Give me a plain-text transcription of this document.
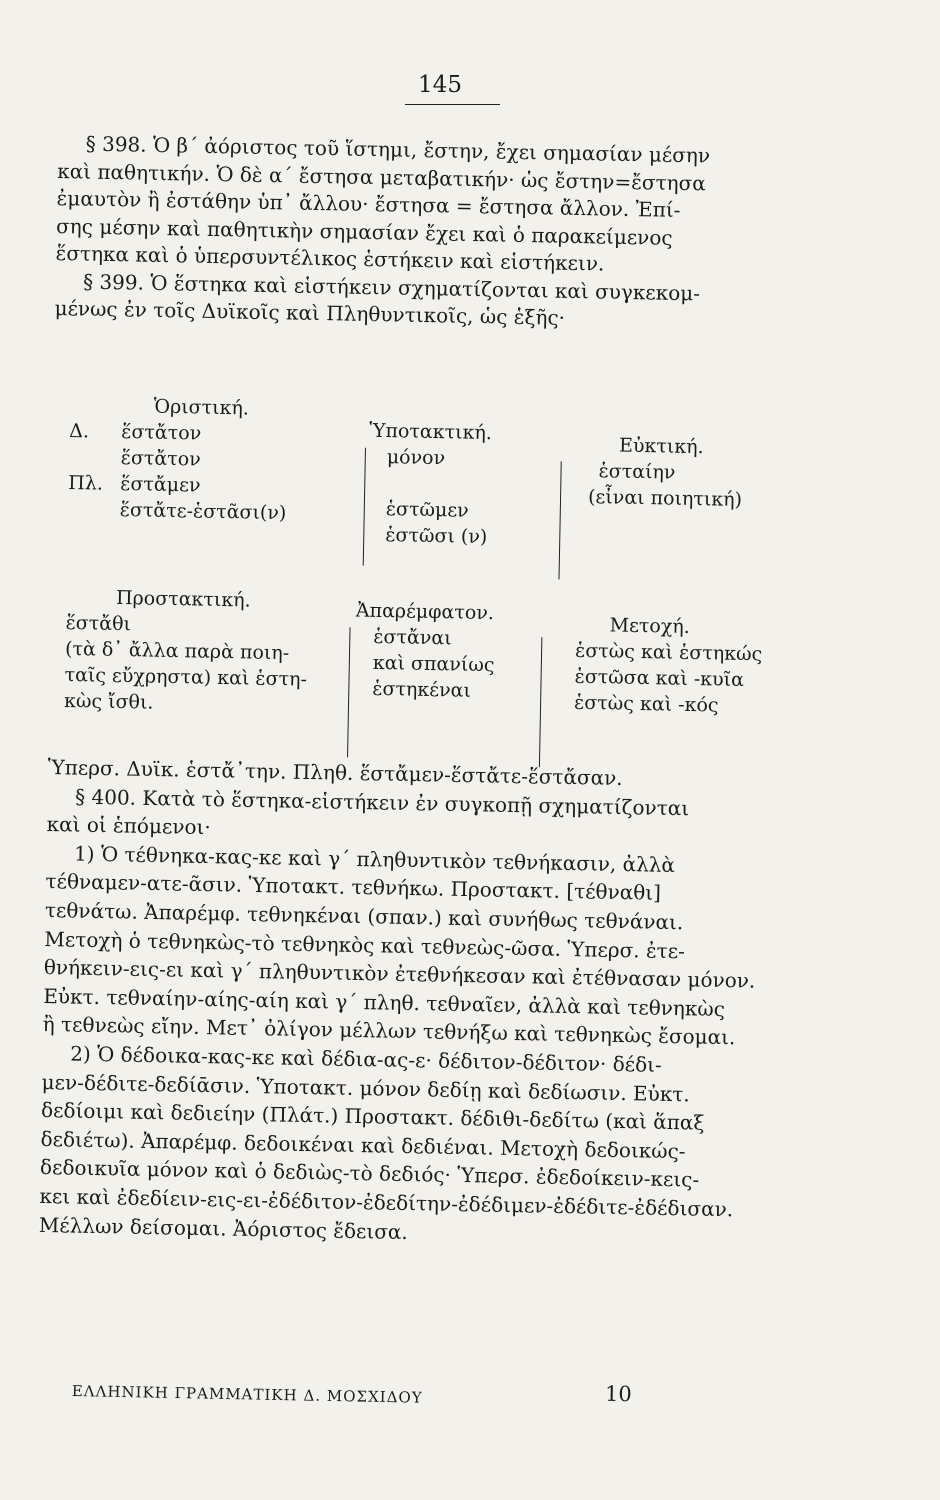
145

§ 398. Ὁ β΄ ἀόριστος τοῦ ἵστημι, ἔστην, ἔχει σημασίαν μέσην

καὶ παθητικήν. Ὁ δὲ α΄ ἔστησα μεταβατικήν· ὡς ἔστην=ἔστησα

ἐμαυτὸν ἢ ἐστάθην ὑπ᾿ ἄλλου· ἔστησα = ἔστησα ἄλλον. Ἐπί-

σης μέσην καὶ παθητικὴν σημασίαν ἔχει καὶ ὁ παρακείμενος

ἕστηκα καὶ ὁ ὑπερσυντέλικος ἑστήκειν καὶ εἱστήκειν.

§ 399. Ὁ ἕστηκα καὶ εἱστήκειν σχηματίζονται καὶ συγκεκομ-

μένως ἐν τοῖς Δυϊκοῖς καὶ Πληθυντικοῖς, ὡς ἑξῆς·

Ὁριστική.
Δ. ἕστἄτον
ἕστἄτον
Πλ. ἕστἄμεν
ἕστἄτε-ἑστᾶσι(ν)
Ὑποτακτική.
μόνον

ἑστῶμεν
ἑστῶσι (ν)
Εὐκτική.
ἑσταίην
(εἶναι ποιητική)
Προστακτική.
ἕστἄθι
(τὰ δ᾿ ἄλλα παρὰ ποιη-
ταῖς εὔχρηστα) καὶ ἑστη-
κὼς ἴσθι.
Ἀπαρέμφατον.
ἑστἄναι
καὶ σπανίως
ἑστηκέναι
Μετοχή.
ἑστὼς καὶ ἑστηκώς
ἑστῶσα καὶ -κυῖα
ἑστὼς καὶ -κός

Ὑπερσ. Δυϊκ. ἑστἄ᾿την. Πληθ. ἕστἄμεν-ἕστἄτε-ἕστἄσαν.

§ 400. Κατὰ τὸ ἕστηκα-εἱστήκειν ἐν συγκοπῇ σχηματίζονται

καὶ οἱ ἑπόμενοι·

1) Ὁ τέθνηκα-κας-κε καὶ γ΄ πληθυντικὸν τεθνήκασιν, ἀλλὰ

τέθναμεν-ατε-ᾶσιν. Ὑποτακτ. τεθνήκω. Προστακτ. [τέθναθι]

τεθνάτω. Ἀπαρέμφ. τεθνηκέναι (σπαν.) καὶ συνήθως τεθνάναι.

Μετοχὴ ὁ τεθνηκὼς-τὸ τεθνηκὸς καὶ τεθνεὼς-ῶσα. Ὑπερσ. ἐτε-

θνήκειν-εις-ει καὶ γ΄ πληθυντικὸν ἐτεθνήκεσαν καὶ ἐτέθνασαν μόνον.

Εὐκτ. τεθναίην-αίης-αίη καὶ γ΄ πληθ. τεθναῖεν, ἀλλὰ καὶ τεθνηκὼς

ἢ τεθνεὼς εἴην. Μετ᾿ ὀλίγον μέλλων τεθνήξω καὶ τεθνηκὼς ἔσομαι.

2) Ὁ δέδοικα-κας-κε καὶ δέδια-ας-ε· δέδιτον-δέδιτον· δέδι-

μεν-δέδιτε-δεδίᾱσιν. Ὑποτακτ. μόνον δεδίῃ καὶ δεδίωσιν. Εὐκτ.

δεδίοιμι καὶ δεδιείην (Πλάτ.) Προστακτ. δέδιθι-δεδίτω (καὶ ἅπαξ

δεδιέτω). Ἀπαρέμφ. δεδοικέναι καὶ δεδιέναι. Μετοχὴ δεδοικώς-

δεδοικυῖα μόνον καὶ ὁ δεδιὼς-τὸ δεδιός· Ὑπερσ. ἐδεδοίκειν-κεις-

κει καὶ ἐδεδίειν-εις-ει-ἐδέδιτον-ἐδεδίτην-ἐδέδιμεν-ἐδέδιτε-ἐδέδισαν.

Μέλλων δείσομαι. Ἀόριστος ἔδεισα.

ΕΛΛΗΝΙΚΗ ΓΡΑΜΜΑΤΙΚΗ Δ. ΜΟΣΧΙΔΟΥ	10
